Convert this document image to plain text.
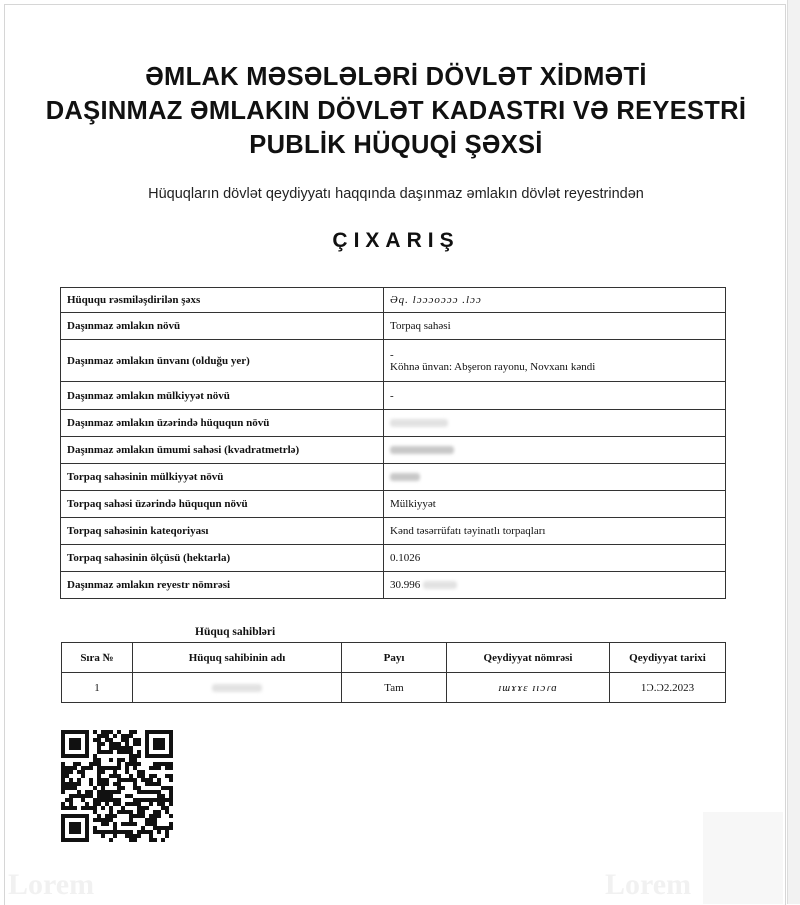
ƏMLAK MƏSƏLƏLƏRİ DÖVLƏT XİDMƏTİ
DAŞINMAZ ƏMLAKIN DÖVLƏT KADASTRI VƏ REYESTRİ
PUBLİK HÜQUQİ ŞƏXSİ
Hüquqların dövlət qeydiyyatı haqqında daşınmaz əmlakın dövlət reyestrindən
ÇIXARIŞ
Hüququ rəsmiləşdirilən şəxs	Əq. lɔɔɔoɔɔɔ .lɔɔ
Daşınmaz əmlakın növü	Torpaq sahəsi
Daşınmaz əmlakın ünvanı (olduğu yer)	-
Köhnə ünvan: Abşeron rayonu, Novxanı kəndi

Daşınmaz əmlakın mülkiyyət növü	-
Daşınmaz əmlakın üzərində hüququn növü	
Daşınmaz əmlakın ümumi sahəsi (kvadratmetrlə)	
Torpaq sahəsinin mülkiyyət növü	
Torpaq sahəsi üzərində hüququn növü	Mülkiyyət
Torpaq sahəsinin kateqoriyası	Kənd təsərrüfatı təyinatlı torpaqları
Torpaq sahəsinin ölçüsü (hektarla)	0.1026
Daşınmaz əmlakın reyestr nömrəsi	30.996
Hüquq sahibləri
Sıra №	Hüquq sahibinin adı	Payı	Qeydiyyat nömrəsi	Qeydiyyat tarixi
1		Tam	ɪɯɤɤɛ ɪıɔɾɑ	1Ɔ.Ɔ2.2023
Lorem	Lorem
